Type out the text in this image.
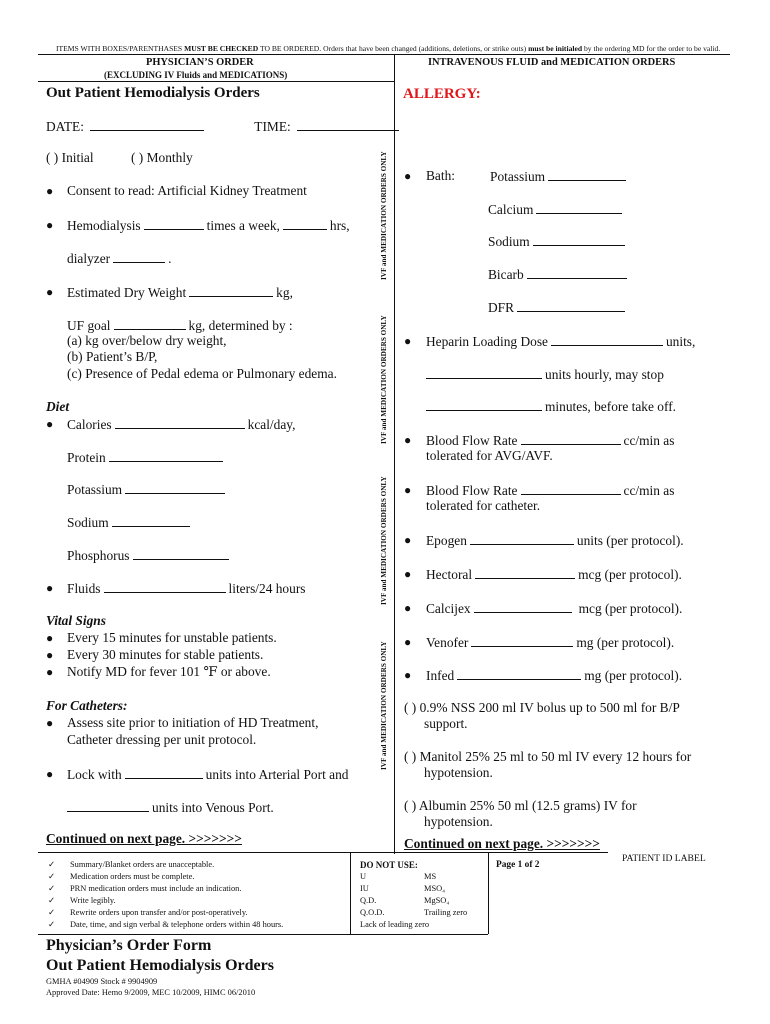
ITEMS WITH BOXES/PARENTHASES MUST BE CHECKED TO BE ORDERED. Orders that have been changed (additions, deletions, or strike outs) must be initialed by the ordering MD for the order to be valid.
PHYSICIAN’S ORDER
(EXCLUDING IV Fluids and MEDICATIONS)
INTRAVENOUS FLUID and MEDICATION ORDERS
Out Patient Hemodialysis Orders	ALLERGY:
IVF and MEDICATION ORDERS ONLY
IVF and MEDICATION ORDERS ONLY
IVF and MEDICATION ORDERS ONLY
IVF and MEDICATION ORDERS ONLY
DATE:	TIME:
( ) Initial	( ) Monthly
● Consent to read: Artificial Kidney Treatment
● Hemodialysis	times a week,	hrs,
dialyzer	.
● Estimated Dry Weight	kg,
UF goal	kg, determined by :
(a) kg over/below dry weight,
(b) Patient’s B/P,
(c) Presence of Pedal edema or Pulmonary edema.
Diet
● Calories	kcal/day,
Protein
Potassium
Sodium
Phosphorus
● Fluids	liters/24 hours
Vital Signs
● Every 15 minutes for unstable patients.
● Every 30 minutes for stable patients.
● Notify MD for fever 101 ℉ or above.
For Catheters:
● Assess site prior to initiation of HD Treatment,
Catheter dressing per unit protocol.
● Lock with	units into Arterial Port and
units into Venous Port.
Continued on next page. >>>>>>>
● Bath:	Potassium
Calcium
Sodium
Bicarb
DFR
● Heparin Loading Dose	units,
units hourly, may stop
minutes, before take off.
● Blood Flow Rate	cc/min as
tolerated for AVG/AVF.
● Blood Flow Rate	cc/min as
tolerated for catheter.
● Epogen	units (per protocol).
● Hectoral	mcg (per protocol).
● Calcijex	mcg (per protocol).
● Venofer	mg (per protocol).
● Infed	mg (per protocol).
( ) 0.9% NSS 200 ml IV bolus up to 500 ml for B/P
support.
( ) Manitol 25% 25 ml to 50 ml IV every 12 hours for
hypotension.
( ) Albumin 25% 50 ml (12.5 grams) IV for
hypotension.
Continued on next page. >>>>>>>
✓ Summary/Blanket orders are unacceptable.
✓ Medication orders must be complete.
✓ PRN medication orders must include an indication.
✓ Write legibly.
✓ Rewrite orders upon transfer and/or post-operatively.
✓ Date, time, and sign verbal & telephone orders within 48 hours.
DO NOT USE:
U	MS
IU	MSO₄
Q.D.	MgSO₄
Q.O.D.	Trailing zero
Lack of leading zero
Page 1 of 2
PATIENT ID LABEL
Physician’s Order Form
Out Patient Hemodialysis Orders
GMHA #04909 Stock # 9904909
Approved Date: Hemo 9/2009, MEC 10/2009, HIMC 06/2010
